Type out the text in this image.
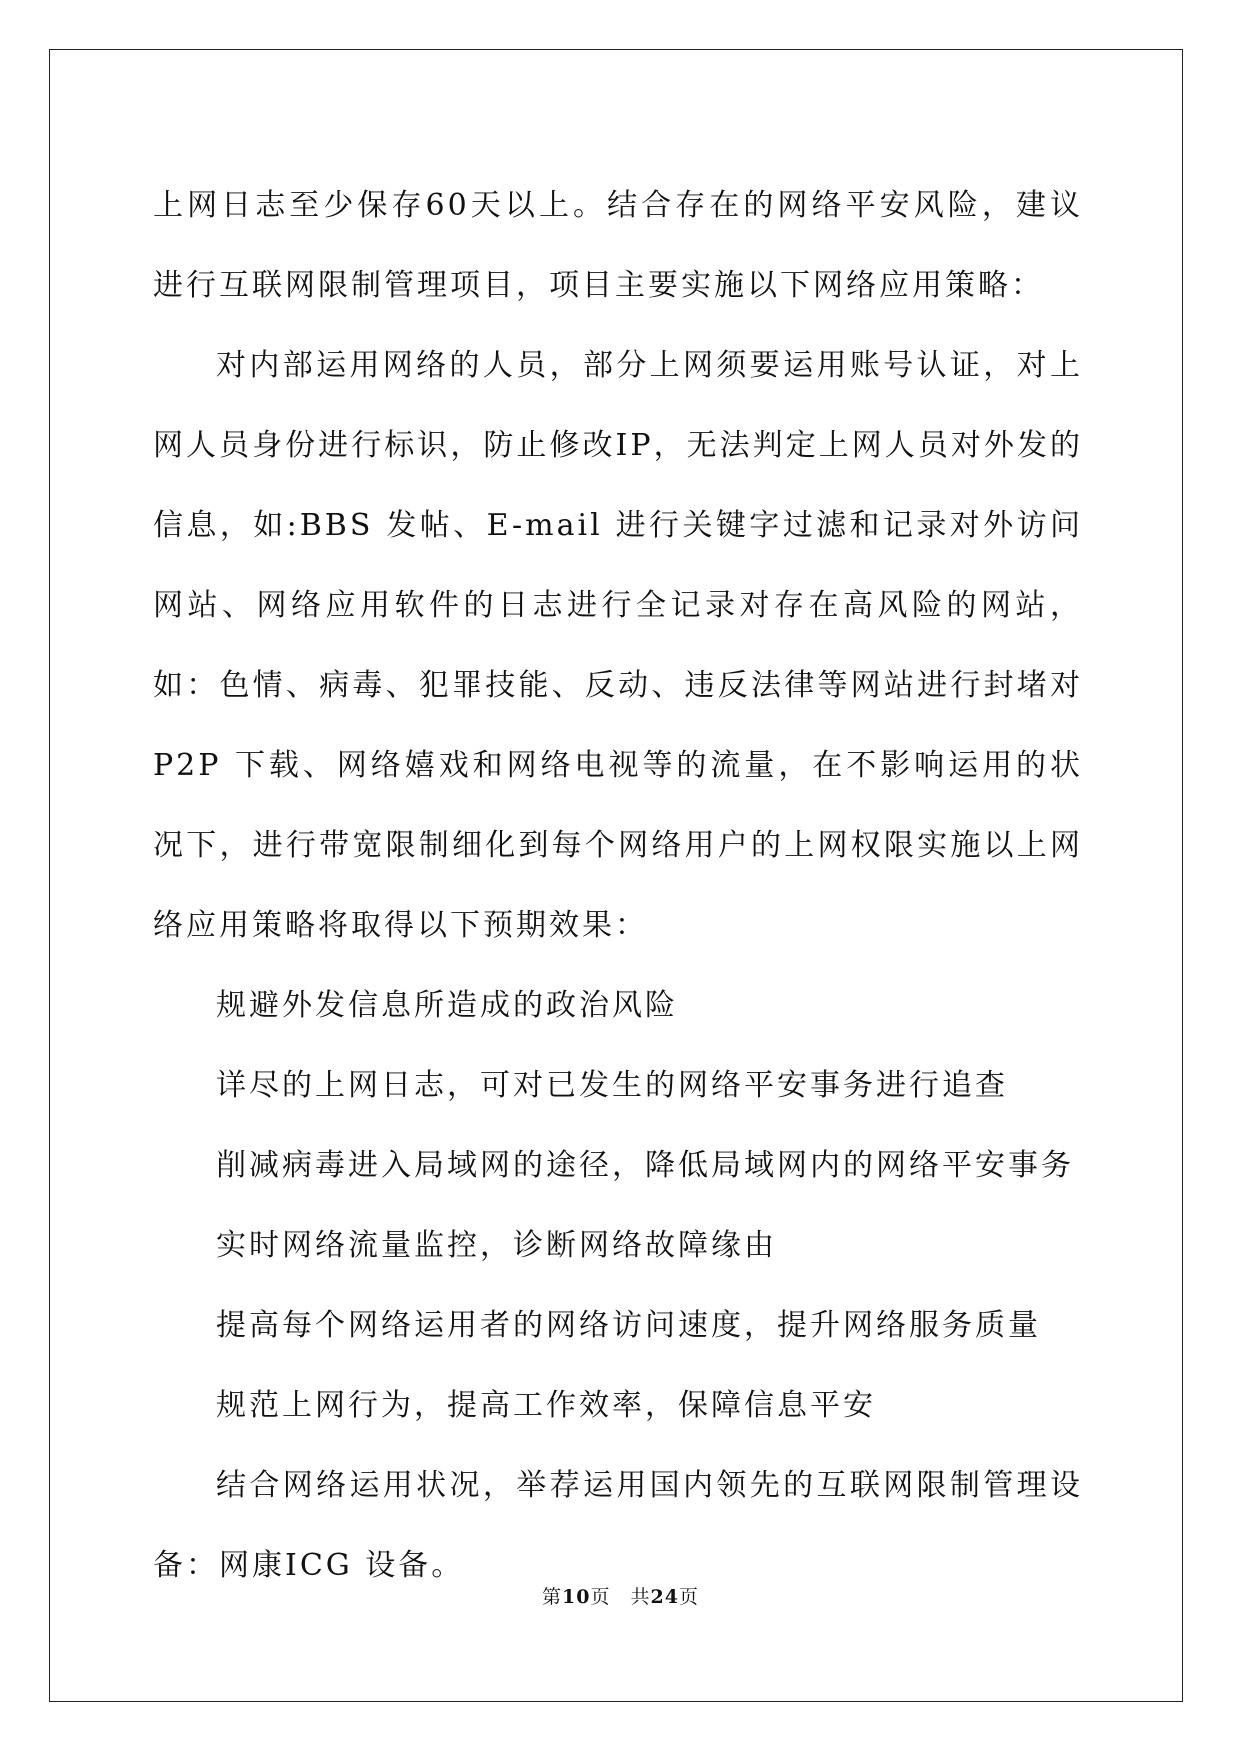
上网日志至少保存60天以上。结合存在的网络平安风险，建议进行互联网限制管理项目，项目主要实施以下网络应用策略：

对内部运用网络的人员，部分上网须要运用账号认证，对上网人员身份进行标识，防止修改IP，无法判定上网人员对外发的信息，如:BBS 发帖、E-mail 进行关键字过滤和记录对外访问网站、网络应用软件的日志进行全记录对存在高风险的网站，如：色情、病毒、犯罪技能、反动、违反法律等网站进行封堵对P2P 下载、网络嬉戏和网络电视等的流量，在不影响运用的状况下，进行带宽限制细化到每个网络用户的上网权限实施以上网络应用策略将取得以下预期效果：

规避外发信息所造成的政治风险

详尽的上网日志，可对已发生的网络平安事务进行追查

削减病毒进入局域网的途径，降低局域网内的网络平安事务

实时网络流量监控，诊断网络故障缘由

提高每个网络运用者的网络访问速度，提升网络服务质量

规范上网行为，提高工作效率，保障信息平安

结合网络运用状况，举荐运用国内领先的互联网限制管理设备：网康ICG 设备。

第10页 共24页
